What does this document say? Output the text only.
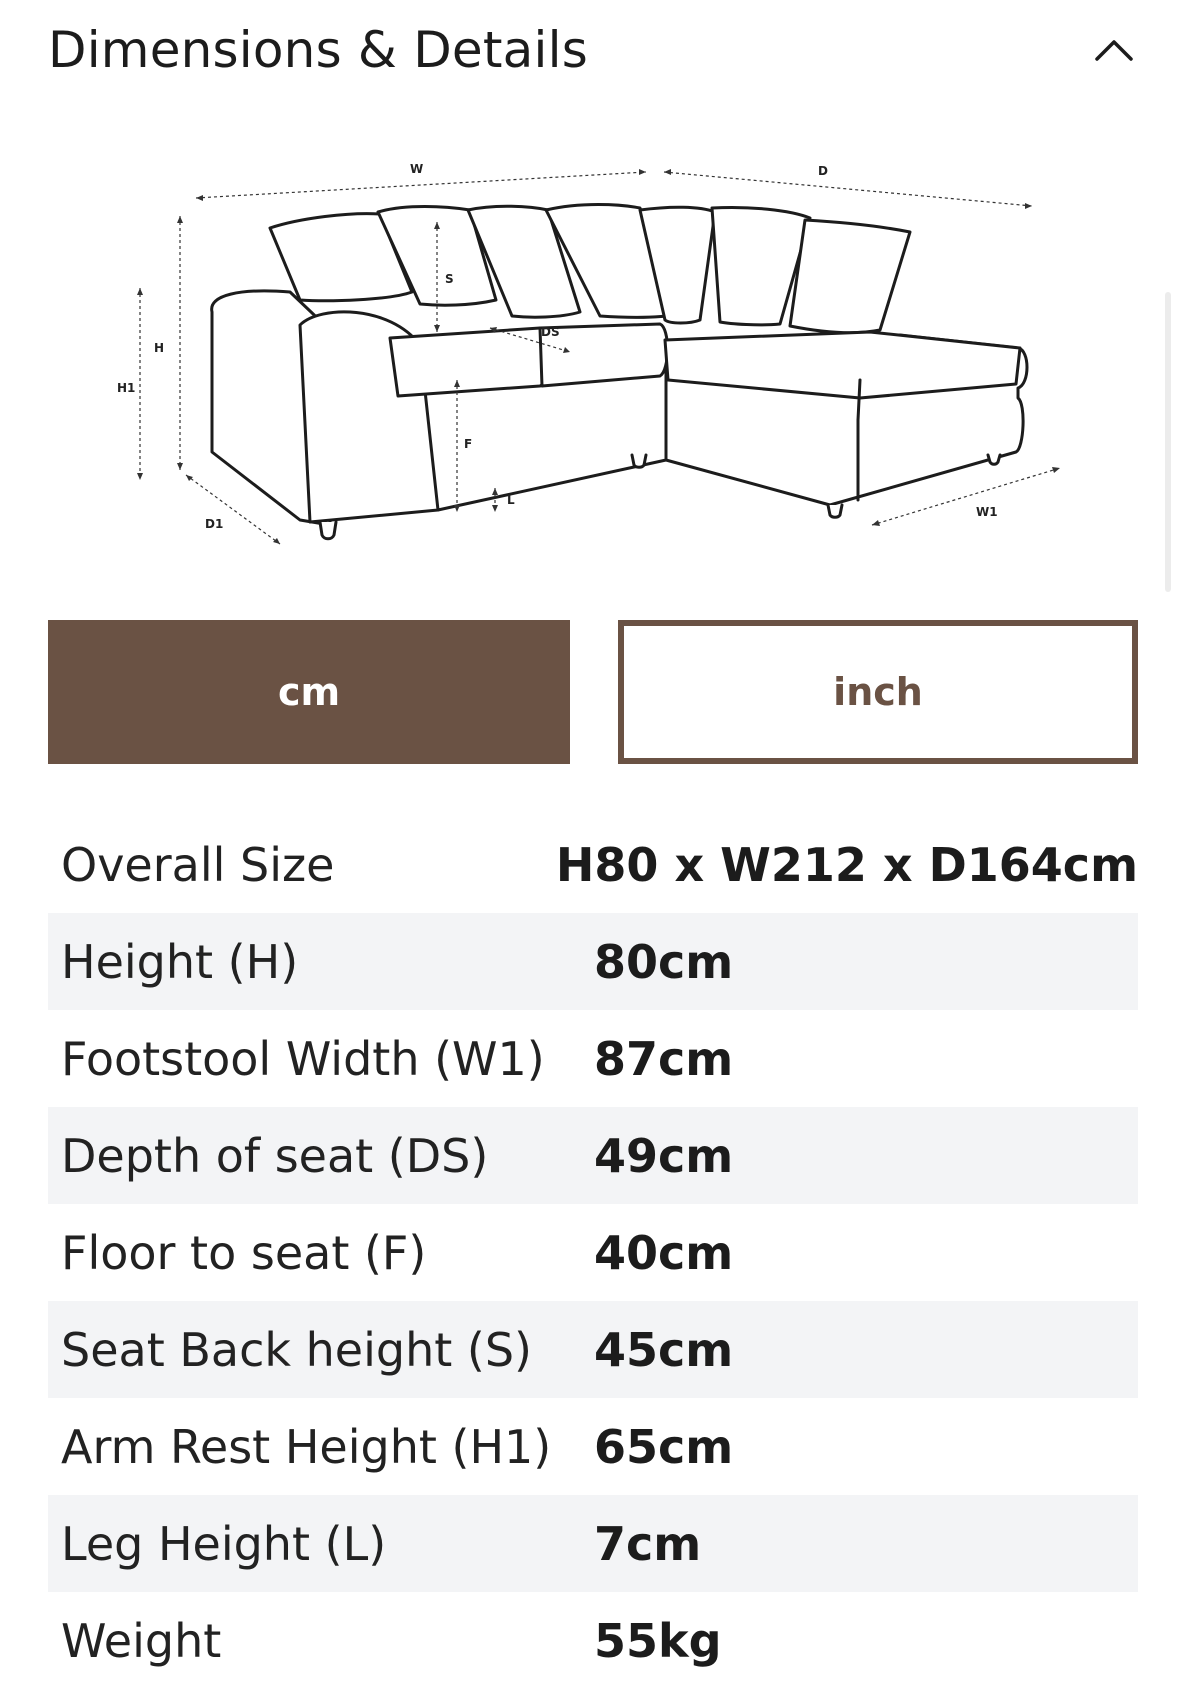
Dimensions & Details
W	D
H
H1
S
DS
F
L
D1
W1
cm	inch
Overall Size	H80 x W212 x D164cm
Height (H)	80cm
Footstool Width (W1)	87cm
Depth of seat (DS)	49cm
Floor to seat (F)	40cm
Seat Back height (S)	45cm
Arm Rest Height (H1) 65cm
Leg Height (L)	7cm
Weight	55kg
